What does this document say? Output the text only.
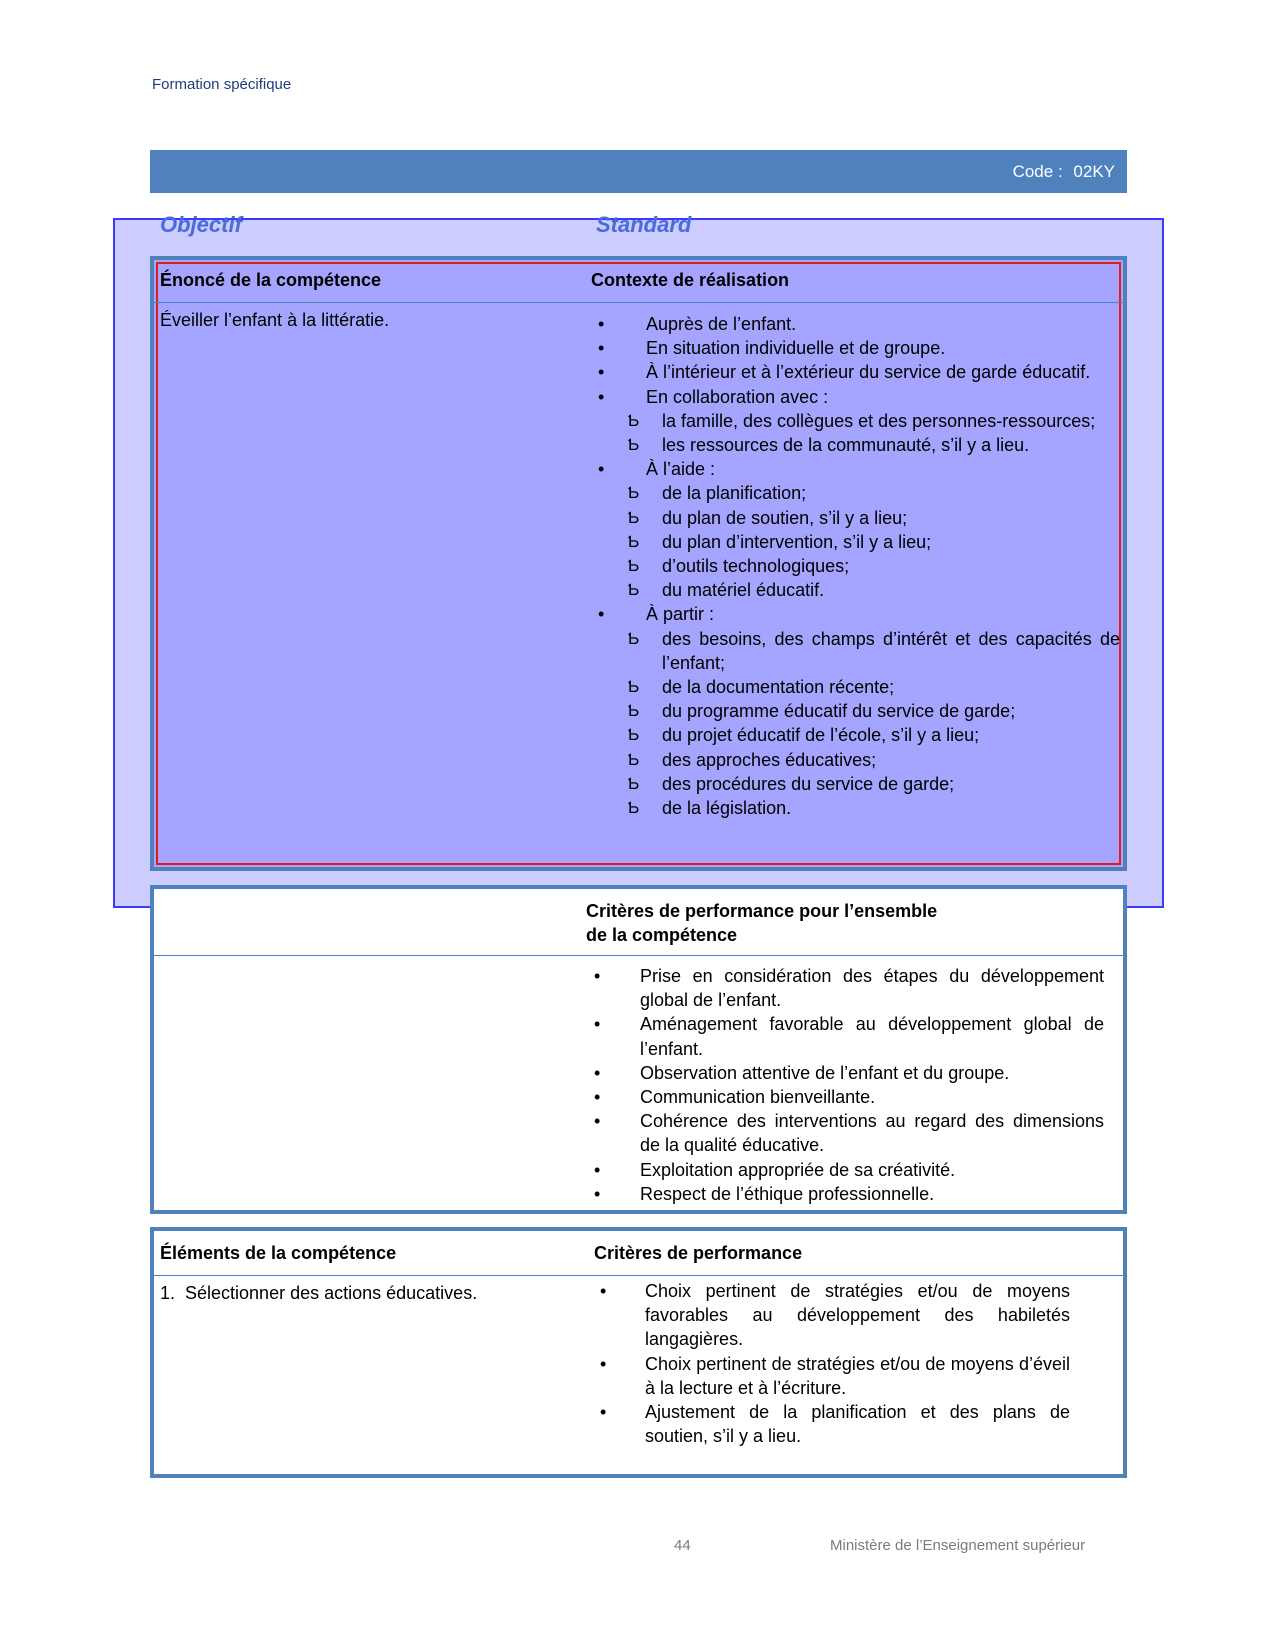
Formation spécifique
Code : 02KY
Objectif	Standard
Énoncé de la compétence	Contexte de réalisation
Éveiller l’enfant à la littératie.	• Auprès de l’enfant.
• En situation individuelle et de groupe.
• À l’intérieur et à l’extérieur du service de garde éducatif.
• En collaboration avec :
Ƅ la famille, des collègues et des personnes-ressources;
Ƅ les ressources de la communauté, s’il y a lieu.
• À l’aide :
Ƅ de la planification;
Ƅ du plan de soutien, s’il y a lieu;
Ƅ du plan d’intervention, s’il y a lieu;
Ƅ d’outils technologiques;
Ƅ du matériel éducatif.
• À partir :
Ƅ des besoins, des champs d’intérêt et des capacités de l’enfant;
Ƅ de la documentation récente;
Ƅ du programme éducatif du service de garde;
Ƅ du projet éducatif de l’école, s’il y a lieu;
Ƅ des approches éducatives;
Ƅ des procédures du service de garde;
Ƅ de la législation.
Critères de performance pour l’ensemble
de la compétence
• Prise en considération des étapes du développement global de l’enfant.
• Aménagement favorable au développement global de l’enfant.
• Observation attentive de l’enfant et du groupe.
• Communication bienveillante.
• Cohérence des interventions au regard des dimensions de la qualité éducative.
• Exploitation appropriée de sa créativité.
• Respect de l’éthique professionnelle.
Éléments de la compétence	Critères de performance
1.  Sélectionner des actions éducatives.	• Choix pertinent de stratégies et/ou de moyens favorables au développement des habiletés langagières.
• Choix pertinent de stratégies et/ou de moyens d’éveil à la lecture et à l’écriture.
• Ajustement de la planification et des plans de soutien, s’il y a lieu.
44	Ministère de l’Enseignement supérieur
